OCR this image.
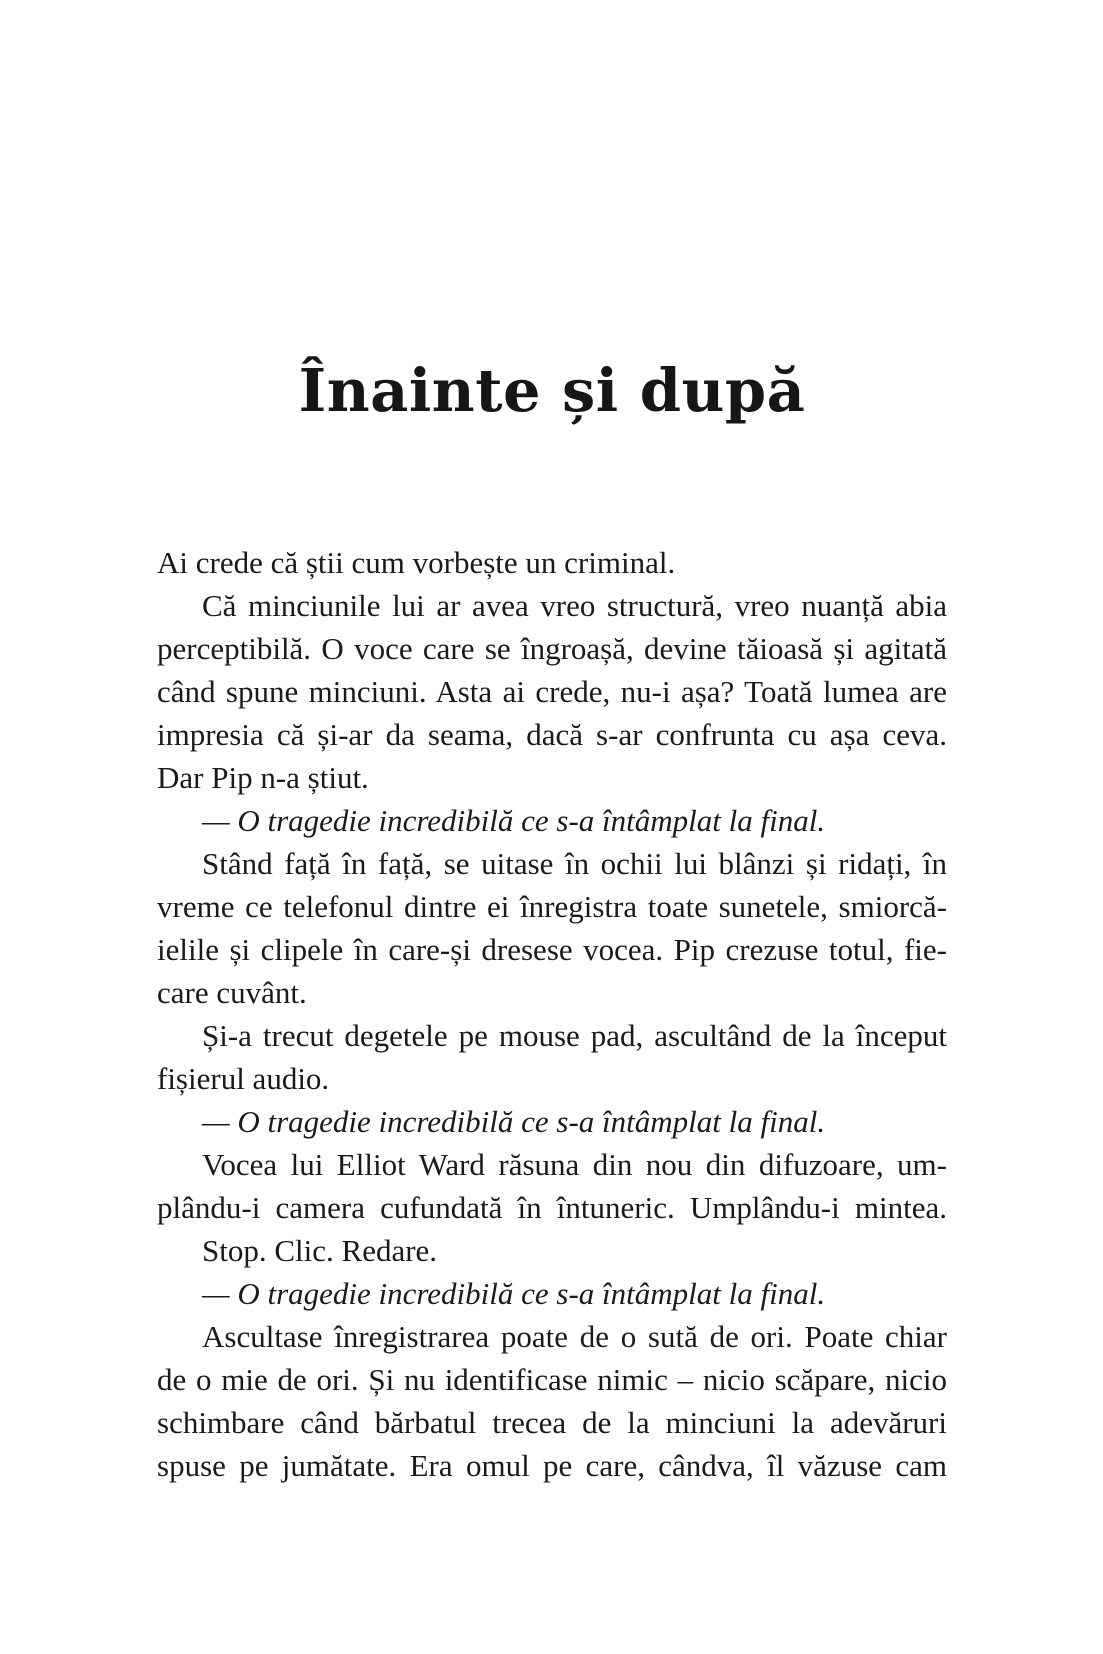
Înainte și după
Ai crede că știi cum vorbește un criminal.
Că minciunile lui ar avea vreo structură, vreo nuanță abia
perceptibilă. O voce care se îngroașă, devine tăioasă și agitată
când spune minciuni. Asta ai crede, nu-i așa? Toată lumea are
impresia că și-ar da seama, dacă s-ar confrunta cu așa ceva.
Dar Pip n-a știut.
— O tragedie incredibilă ce s-a întâmplat la final.
Stând față în față, se uitase în ochii lui blânzi și ridați, în
vreme ce telefonul dintre ei înregistra toate sunetele, smiorcă-
ielile și clipele în care-și dresese vocea. Pip crezuse totul, fie-
care cuvânt.
Și-a trecut degetele pe mouse pad, ascultând de la început
fișierul audio.
— O tragedie incredibilă ce s-a întâmplat la final.
Vocea lui Elliot Ward răsuna din nou din difuzoare, um-
plându-i camera cufundată în întuneric. Umplându-i mintea.
Stop. Clic. Redare.
— O tragedie incredibilă ce s-a întâmplat la final.
Ascultase înregistrarea poate de o sută de ori. Poate chiar
de o mie de ori. Și nu identificase nimic – nicio scăpare, nicio
schimbare când bărbatul trecea de la minciuni la adevăruri
spuse pe jumătate. Era omul pe care, cândva, îl văzuse cam
